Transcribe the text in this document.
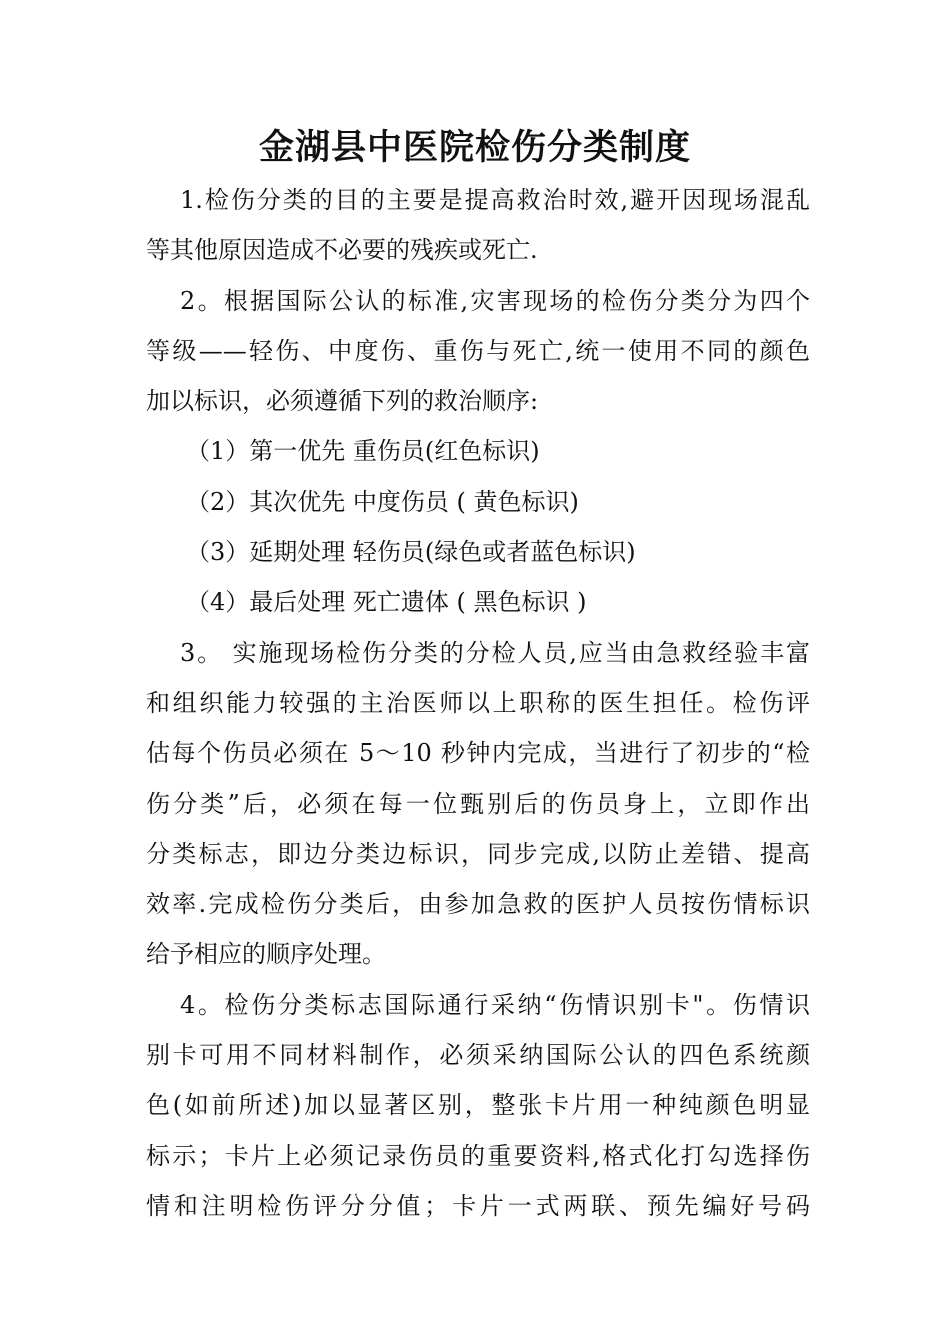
金湖县中医院检伤分类制度
1.检伤分类的目的主要是提高救治时效,避开因现场混乱
等其他原因造成不必要的残疾或死亡.
2。根据国际公认的标准,灾害现场的检伤分类分为四个
等级——轻伤、中度伤、重伤与死亡,统一使用不同的颜色
加以标识，必须遵循下列的救治顺序:
（1）第一优先 重伤员(红色标识)
（2）其次优先 中度伤员 ( 黄色标识)
（3）延期处理 轻伤员(绿色或者蓝色标识)
（4）最后处理 死亡遗体 ( 黑色标识 )
3。 实施现场检伤分类的分检人员,应当由急救经验丰富
和组织能力较强的主治医师以上职称的医生担任。检伤评
估每个伤员必须在 5～10 秒钟内完成，当进行了初步的“检
伤分类”后，必须在每一位甄别后的伤员身上，立即作出
分类标志，即边分类边标识，同步完成,以防止差错、提高
效率.完成检伤分类后，由参加急救的医护人员按伤情标识
给予相应的顺序处理。
4。检伤分类标志国际通行采纳“伤情识别卡"。伤情识
别卡可用不同材料制作，必须采纳国际公认的四色系统颜
色(如前所述)加以显著区别，整张卡片用一种纯颜色明显
标示；卡片上必须记录伤员的重要资料,格式化打勾选择伤
情和注明检伤评分分值；卡片一式两联、预先编好号码
